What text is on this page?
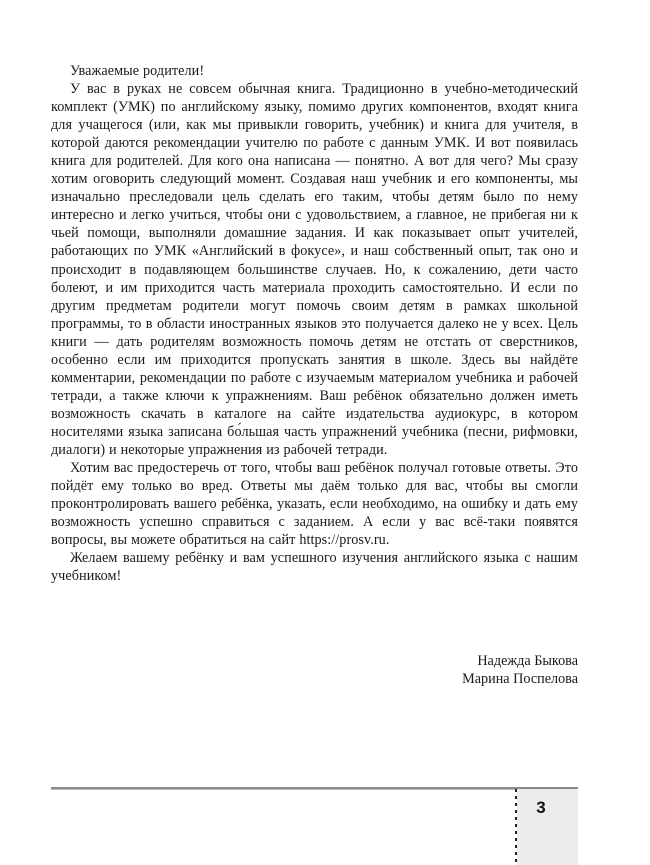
Уважаемые родители!

У вас в руках не совсем обычная книга. Традиционно в учебно-методический комплект (УМК) по английскому языку, помимо других компонентов, входят книга для учащегося (или, как мы привыкли говорить, учебник) и книга для учителя, в которой даются рекомендации учителю по работе с данным УМК. И вот появилась книга для родителей. Для кого она написана — понятно. А вот для чего? Мы сразу хотим оговорить следующий момент. Создавая наш учебник и его компоненты, мы изначально преследовали цель сделать его таким, чтобы детям было по нему интересно и легко учиться, чтобы они с удовольствием, а главное, не прибегая ни к чьей помощи, выполняли домашние задания. И как показывает опыт учителей, работающих по УМК «Английский в фокусе», и наш собственный опыт, так оно и происходит в подавляющем большинстве случаев. Но, к сожалению, дети часто болеют, и им приходится часть материала проходить самостоятельно. И если по другим предметам родители могут помочь своим детям в рамках школьной программы, то в области иностранных языков это получается далеко не у всех. Цель книги — дать родителям возможность помочь детям не отстать от сверстников, особенно если им приходится пропускать занятия в школе. Здесь вы найдёте комментарии, рекомендации по работе с изучаемым материалом учебника и рабочей тетради, а также ключи к упражнениям. Ваш ребёнок обязательно должен иметь возможность скачать в каталоге на сайте издательства аудиокурс, в котором носителями языка записана бо́льшая часть упражнений учебника (песни, рифмовки, диалоги) и некоторые упражнения из рабочей тетради.

Хотим вас предостеречь от того, чтобы ваш ребёнок получал готовые ответы. Это пойдёт ему только во вред. Ответы мы даём только для вас, чтобы вы смогли проконтролировать вашего ребёнка, указать, если необходимо, на ошибку и дать ему возможность успешно справиться с заданием. А если у вас всё-таки появятся вопросы, вы можете обратиться на сайт https://prosv.ru.

Желаем вашему ребёнку и вам успешного изучения английского языка с нашим учебником!

Надежда Быкова
Марина Поспелова
3
